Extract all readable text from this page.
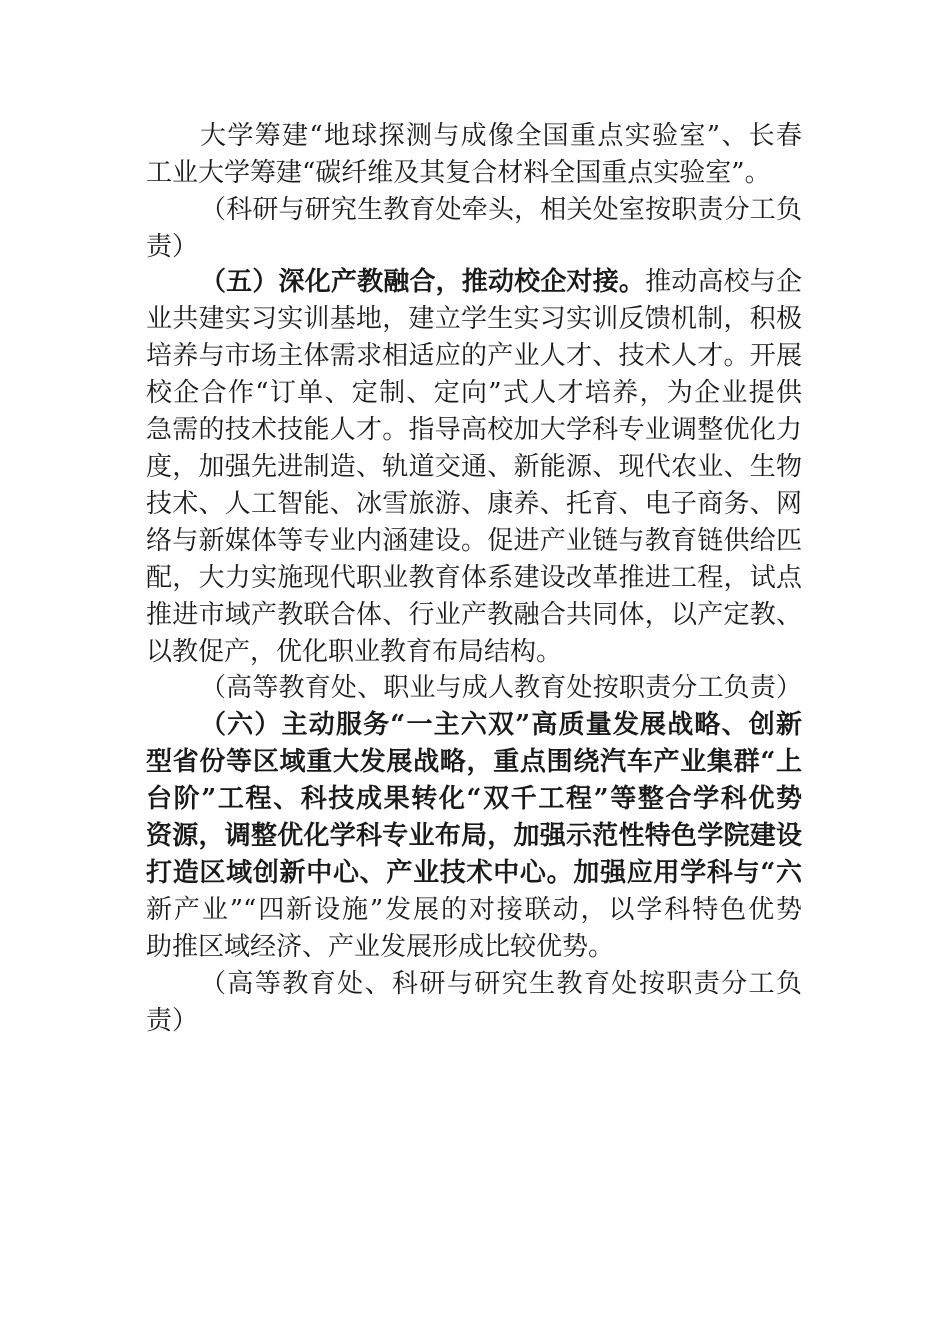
大学筹建“地球探测与成像全国重点实验室”、长春
工业大学筹建“碳纤维及其复合材料全国重点实验室”。
（科研与研究生教育处牵头，相关处室按职责分工负
责）
（五）深化产教融合，推动校企对接。推动高校与企
业共建实习实训基地，建立学生实习实训反馈机制，积极
培养与市场主体需求相适应的产业人才、技术人才。开展
校企合作“订单、定制、定向”式人才培养，为企业提供
急需的技术技能人才。指导高校加大学科专业调整优化力
度，加强先进制造、轨道交通、新能源、现代农业、生物
技术、人工智能、冰雪旅游、康养、托育、电子商务、网
络与新媒体等专业内涵建设。促进产业链与教育链供给匹
配，大力实施现代职业教育体系建设改革推进工程，试点
推进市域产教联合体、行业产教融合共同体，以产定教、
以教促产，优化职业教育布局结构。
（高等教育处、职业与成人教育处按职责分工负责）
（六）主动服务“一主六双”高质量发展战略、创新
型省份等区域重大发展战略，重点围绕汽车产业集群“上
台阶”工程、科技成果转化“双千工程”等整合学科优势
资源，调整优化学科专业布局，加强示范性特色学院建设
打造区域创新中心、产业技术中心。加强应用学科与“六
新产业”“四新设施”发展的对接联动，以学科特色优势
助推区域经济、产业发展形成比较优势。
（高等教育处、科研与研究生教育处按职责分工负
责）
